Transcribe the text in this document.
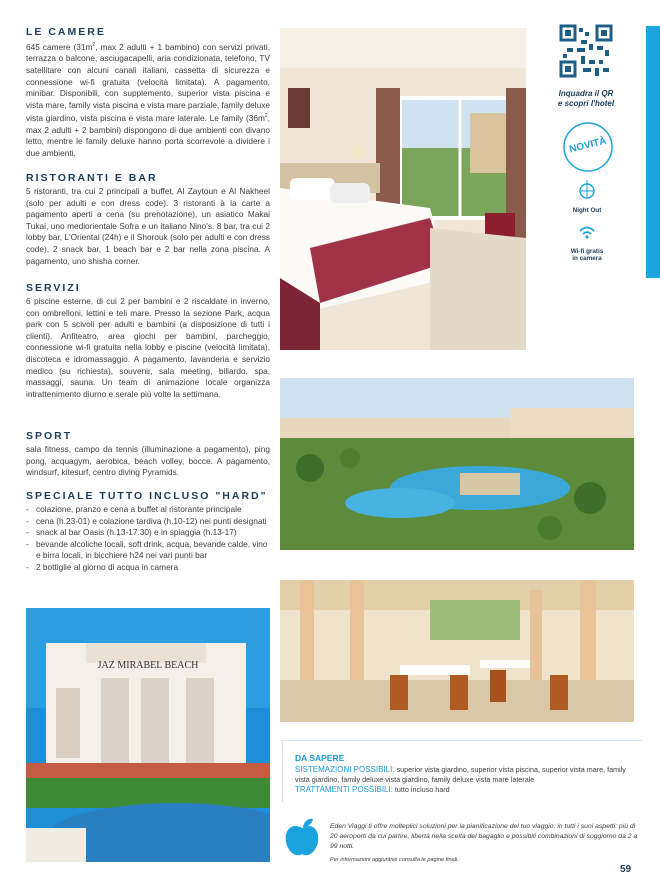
LE CAMERE

645 camere ($31m^2$, max 2 adulti + 1 bambino) con servizi privati, terrazza o balcone, asciugacapelli, aria condizionata, telefono, TV satellitare con alcuni canali italiani, cassetta di sicurezza e connessione wi-fi gratuita (velocità limitata). A pagamento, minibar. Disponibili, con supplemento, superior vista piscina e vista mare, family vista piscina e vista mare parziale, family deluxe vista giardino, vista piscina e vista mare laterale. Le family ($36m^2$, max 2 adulti + 2 bambini) dispongono di due ambienti con divano letto, mentre le family deluxe hanno porta scorrevole a dividere i due ambienti.

RISTORANTI E BAR

5 ristoranti, tra cui 2 principali a buffet, Al Zaytoun e Al Nakheel (solo per adulti e con dress code). 3 ristoranti à la carte a pagamento aperti a cena (su prenotazione), un asiatico Makai Tukai, uno mediorientale Sofra e un italiano Nino's. 8 bar, tra cui 2 lobby bar, L'Oriental (24h) e il Shorouk (solo per adulti e con dress code), 2 snack bar, 1 beach bar e 2 bar nella zona piscina. A pagamento, uno shisha corner.

SERVIZI

6 piscine esterne, di cui 2 per bambini e 2 riscaldate in inverno, con ombrelloni, lettini e teli mare. Presso la sezione Park, acqua park con 5 scivoli per adulti e bambini (a disposizione di tutti i clienti). Anfiteatro, area giochi per bambini, parcheggio, connessione wi-fi gratuita nella lobby e piscine (velocità limitata), discoteca e idromassaggio. A pagamento, lavanderia e servizio medico (su richiesta), souvenir, sala meeting, biliardo, spa, massaggi, sauna. Un team di animazione locale organizza intrattenimento diurno e serale più volte la settimana.

SPORT

sala fitness, campo da tennis (illuminazione a pagamento), ping pong, acquagym, aerobica, beach volley, bocce. A pagamento, windsurf, kitesurf, centro diving Pyramids.

SPECIALE TUTTO INCLUSO "HARD"
- colazione, pranzo e cena a buffet al ristorante principale
- cena (h.23-01) e colazione tardiva (h.10-12) nei punti designati
- snack al bar Oasis (h.13-17.30) e in spiaggia (h.13-17)
- bevande alcoliche locali, soft drink, acqua, bevande calde, vino e birra locali, in bicchiere h24 nei vari punti bar
- 2 bottiglie al giorno di acqua in camera
JAZ MIRABEL BEACH
Inquadra il QR
e scopri l'hotel
NOVITÀ
Night Out
Wi-fi gratis
in camera
DA SAPERE
SISTEMAZIONI POSSIBILI: superior vista giardino, superior vista piscina, superior vista mare, family vista giardino, family deluxe vista giardino, family deluxe vista mare laterale
TRATTAMENTI POSSIBILI: tutto incluso hard
Eden Viaggi ti offre molteplici soluzioni per la pianificazione del tuo viaggio, in tutti i suoi aspetti: più di 20 aeroporti da cui partire, libertà nella scelta del bagaglio e possibili combinazioni di soggiorno da 2 a 99 notti.
Per informazioni aggiuntive consulta le pagine finali.
59
